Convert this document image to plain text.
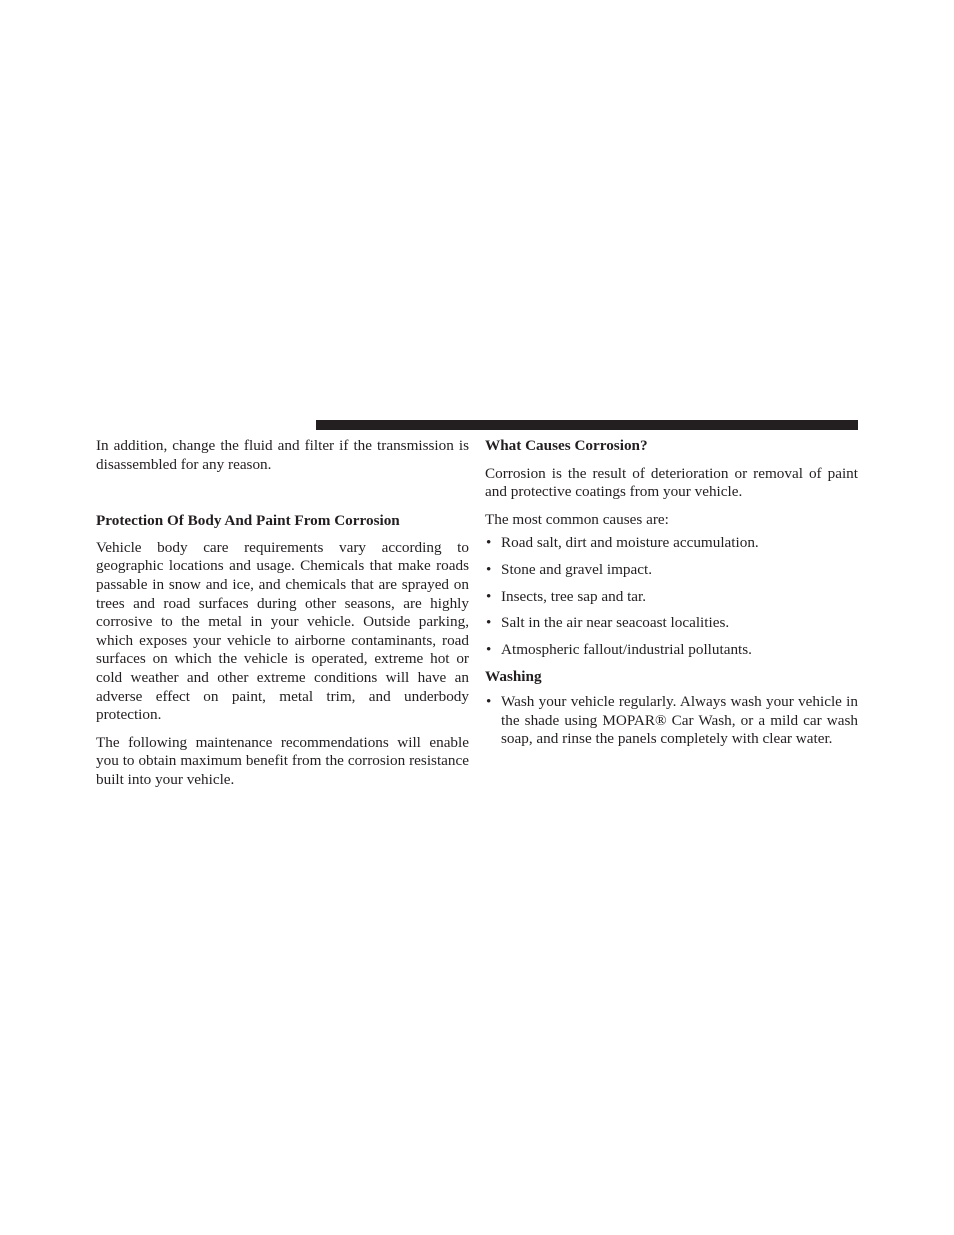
In addition, change the fluid and filter if the transmission is disassembled for any reason.

Protection Of Body And Paint From Corrosion

Vehicle body care requirements vary according to geographic locations and usage. Chemicals that make roads passable in snow and ice, and chemicals that are sprayed on trees and road surfaces during other seasons, are highly corrosive to the metal in your vehicle. Outside parking, which exposes your vehicle to airborne contaminants, road surfaces on which the vehicle is operated, extreme hot or cold weather and other extreme conditions will have an adverse effect on paint, metal trim, and underbody protection.

The following maintenance recommendations will enable you to obtain maximum benefit from the corrosion resistance built into your vehicle.

What Causes Corrosion?

Corrosion is the result of deterioration or removal of paint and protective coatings from your vehicle.

The most common causes are:

• Road salt, dirt and moisture accumulation.
• Stone and gravel impact.
• Insects, tree sap and tar.
• Salt in the air near seacoast localities.
• Atmospheric fallout/industrial pollutants.
Washing
• Wash your vehicle regularly. Always wash your vehicle in the shade using MOPAR® Car Wash, or a mild car wash soap, and rinse the panels completely with clear water.
